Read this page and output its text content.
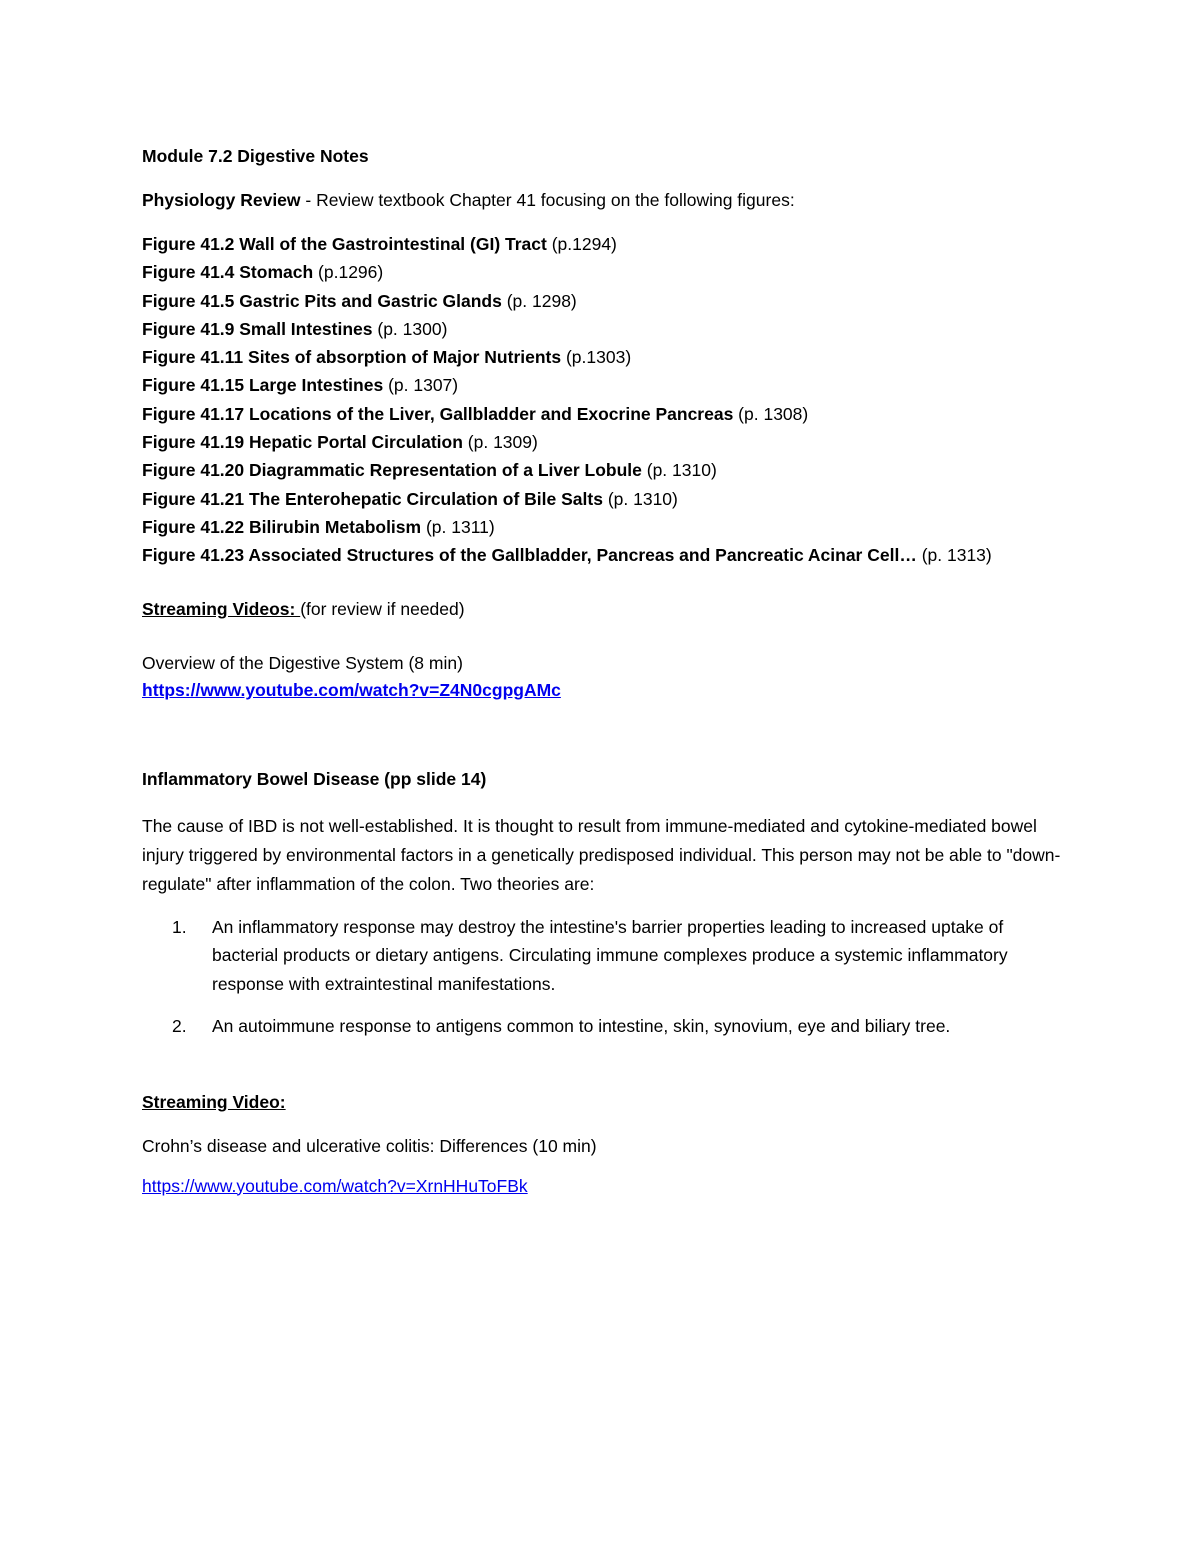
Module 7.2 Digestive Notes
Physiology Review - Review textbook Chapter 41 focusing on the following figures:
Figure 41.2 Wall of the Gastrointestinal (GI) Tract (p.1294)
Figure 41.4 Stomach (p.1296)
Figure 41.5 Gastric Pits and Gastric Glands (p. 1298)
Figure 41.9 Small Intestines (p. 1300)
Figure 41.11 Sites of absorption of Major Nutrients (p.1303)
Figure 41.15 Large Intestines (p. 1307)
Figure 41.17 Locations of the Liver, Gallbladder and Exocrine Pancreas (p. 1308)
Figure 41.19 Hepatic Portal Circulation (p. 1309)
Figure 41.20 Diagrammatic Representation of a Liver Lobule (p. 1310)
Figure 41.21 The Enterohepatic Circulation of Bile Salts (p. 1310)
Figure 41.22 Bilirubin Metabolism (p. 1311)
Figure 41.23 Associated Structures of the Gallbladder, Pancreas and Pancreatic Acinar Cell… (p. 1313)
Streaming Videos: (for review if needed)
Overview of the Digestive System (8 min)
https://www.youtube.com/watch?v=Z4N0cgpgAMc
Inflammatory Bowel Disease (pp slide 14)
The cause of IBD is not well-established. It is thought to result from immune-mediated and cytokine-mediated bowel injury triggered by environmental factors in a genetically predisposed individual. This person may not be able to "down-regulate" after inflammation of the colon. Two theories are:
1. An inflammatory response may destroy the intestine's barrier properties leading to increased uptake of bacterial products or dietary antigens. Circulating immune complexes produce a systemic inflammatory response with extraintestinal manifestations.
2. An autoimmune response to antigens common to intestine, skin, synovium, eye and biliary tree.
Streaming Video:
Crohn’s disease and ulcerative colitis: Differences (10 min)
https://www.youtube.com/watch?v=XrnHHuToFBk
